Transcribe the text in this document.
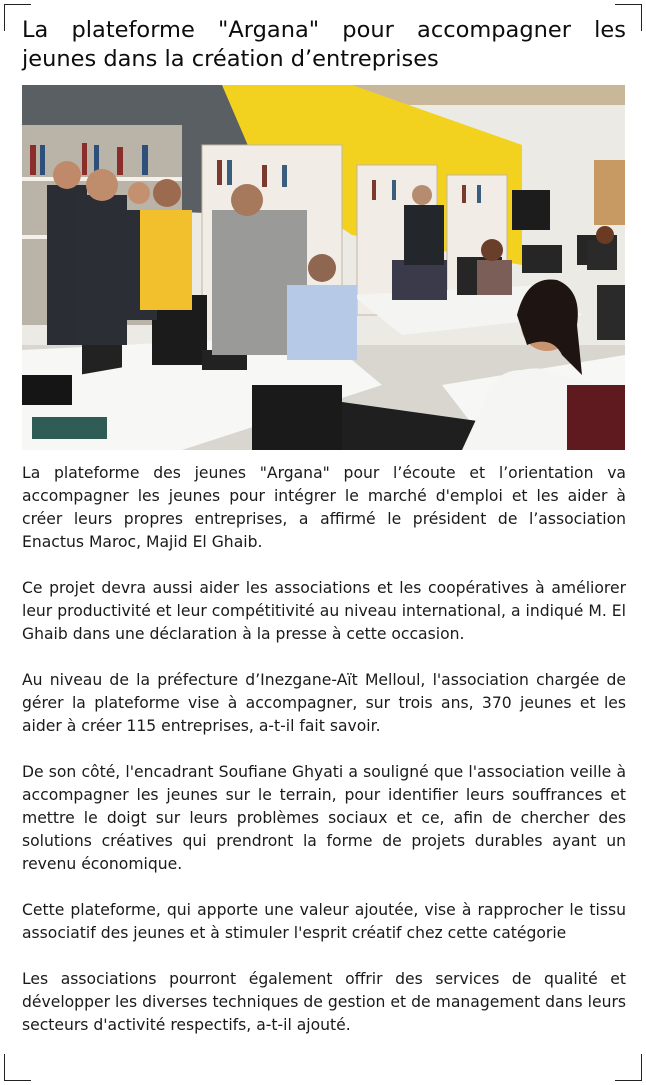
La plateforme "Argana" pour accompagner les jeunes dans la création d’entreprises

La plateforme des jeunes "Argana" pour l’écoute et l’orientation va accompagner les jeunes pour intégrer le marché d'emploi et les aider à créer leurs propres entreprises, a affirmé le président de l’association Enactus Maroc, Majid El Ghaib.

Ce projet devra aussi aider les associations et les coopératives à améliorer leur productivité et leur compétitivité au niveau international, a indiqué M. El Ghaib dans une déclaration à la presse à cette occasion.

Au niveau de la préfecture d’Inezgane-Aït Melloul, l'association chargée de gérer la plateforme vise à accompagner, sur trois ans, 370 jeunes et les aider à créer 115 entreprises, a-t-il fait savoir.

De son côté, l'encadrant Soufiane Ghyati a souligné que l'association veille à accompagner les jeunes sur le terrain, pour identifier leurs souffrances et mettre le doigt sur leurs problèmes sociaux et ce, afin de chercher des solutions créatives qui prendront la forme de projets durables ayant un revenu économique.

Cette plateforme, qui apporte une valeur ajoutée, vise à rapprocher le tissu associatif des jeunes et à stimuler l'esprit créatif chez cette catégorie

Les associations pourront également offrir des services de qualité et développer les diverses techniques de gestion et de management dans leurs secteurs d'activité respectifs, a-t-il ajouté.
